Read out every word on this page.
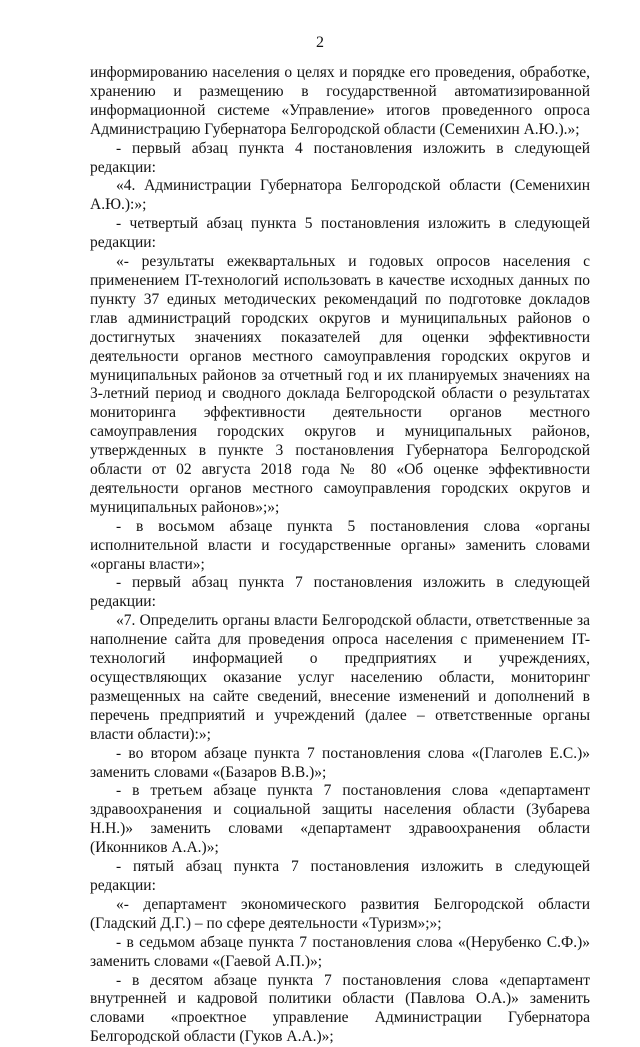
2

информированию населения о целях и порядке его проведения, обработке, хранению и размещению в государственной автоматизированной информационной системе «Управление» итогов проведенного опроса Администрацию Губернатора Белгородской области (Семенихин А.Ю.).»;

- первый абзац пункта 4 постановления изложить в следующей редакции:

«4. Администрации Губернатора Белгородской области (Семенихин А.Ю.):»;

- четвертый абзац пункта 5 постановления изложить в следующей редакции:

«- результаты ежеквартальных и годовых опросов населения с применением IT-технологий использовать в качестве исходных данных по пункту 37 единых методических рекомендаций по подготовке докладов глав администраций городских округов и муниципальных районов о достигнутых значениях показателей для оценки эффективности деятельности органов местного самоуправления городских округов и муниципальных районов за отчетный год и их планируемых значениях на 3-летний период и сводного доклада Белгородской области о результатах мониторинга эффективности деятельности органов местного самоуправления городских округов и муниципальных районов, утвержденных в пункте 3 постановления Губернатора Белгородской области от 02 августа 2018 года № 80 «Об оценке эффективности деятельности органов местного самоуправления городских округов и муниципальных районов»;»;

- в восьмом абзаце пункта 5 постановления слова «органы исполнительной власти и государственные органы» заменить словами «органы власти»;

- первый абзац пункта 7 постановления изложить в следующей редакции:

«7. Определить органы власти Белгородской области, ответственные за наполнение сайта для проведения опроса населения с применением IT-технологий информацией о предприятиях и учреждениях, осуществляющих оказание услуг населению области, мониторинг размещенных на сайте сведений, внесение изменений и дополнений в перечень предприятий и учреждений (далее – ответственные органы власти области):»;

- во втором абзаце пункта 7 постановления слова «(Глаголев Е.С.)» заменить словами «(Базаров В.В.)»;

- в третьем абзаце пункта 7 постановления слова «департамент здравоохранения и социальной защиты населения области (Зубарева Н.Н.)» заменить словами «департамент здравоохранения области (Иконников А.А.)»;

- пятый абзац пункта 7 постановления изложить в следующей редакции:

«- департамент экономического развития Белгородской области (Гладский Д.Г.) – по сфере деятельности «Туризм»;»;

- в седьмом абзаце пункта 7 постановления слова «(Нерубенко С.Ф.)» заменить словами «(Гаевой А.П.)»;

- в десятом абзаце пункта 7 постановления слова «департамент внутренней и кадровой политики области (Павлова О.А.)» заменить словами «проектное управление Администрации Губернатора Белгородской области (Гуков А.А.)»;
